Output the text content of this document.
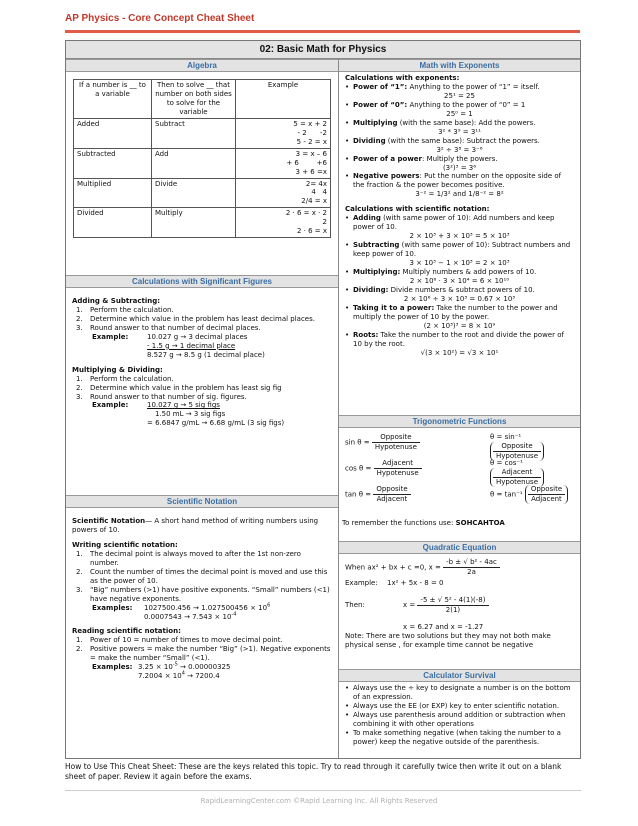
AP Physics - Core Concept Cheat Sheet
02: Basic Math for Physics
Algebra
If a number is __ to a variable	Then to solve __ that number on both sides to solve for the variable	Example
Added	Subtract	5 = x + 2
- 2      -2
5 - 2 = x
Subtracted	Add	3 = x – 6
+ 6        +6
3 + 6 =x
Multiplied	Divide	2= 4x
4   4
2/4 = x
Divided	Multiply	2 · 6 = x · 2
2
2 · 6 = x
Calculations with Significant Figures

Adding & Subtracting:

1.	Perform the calculation.
2.	Determine which value in the problem has least decimal places.
3.	Round answer to that number of decimal places.
Example:	10.027 g → 3 decimal places
- 1.5 g → 1 decimal place
8.527 g → 8.5 g (1 decimal place)

Multiplying & Dividing:

1.	Perform the calculation.
2.	Determine which value in the problem has least sig fig
3.	Round answer to that number of sig. figures.
Example:	10.027 g → 5 sig figs
1.50 mL → 3 sig figs
= 6.6847 g/mL → 6.68 g/mL (3 sig figs)
Scientific Notation

Scientific Notation— A short hand method of writing numbers using powers of 10.

Writing scientific notation:

1.	The decimal point is always moved to after the 1st non-zero number.
2.	Count the number of times the decimal point is moved and use this as the power of 10.
3.	“Big” numbers (>1) have positive exponents. “Small” numbers (<1) have negative exponents.
Examples:	$1027500.456 \to 1.027500456 \times 10^6$
$0.0007543 \to 7.543 \times 10^{-4}$

Reading scientific notation:

1.	Power of 10 = number of times to move decimal point.
2.	Positive powers = make the number “Big” (>1). Negative exponents = make the number “Small” (<1).
Examples: $3.25 \times 10^{-5} \to 0.00000325$
$7.2004 \times 10^4 \to 7200.4$
Math with Exponents

Calculations with exponents:

• Power of “1”: Anything to the power of “1” = itself.
25¹ = 25
• Power of “0”: Anything to the power of “0” = 1
25⁰ = 1
• Multiplying (with the same base): Add the powers.
3² * 3⁹ = 3¹¹
• Dividing (with the same base): Subtract the powers.
3² ÷ 3⁸ = 3⁻⁶
• Power of a power: Multiply the powers.
(3²)³ = 3⁶
• Negative powers: Put the number on the opposite side of the fraction & the power becomes positive.
3⁻² = 1/3² and 1/8⁻² = 8²

Calculations with scientific notation:

• Adding (with same power of 10): Add numbers and keep power of 10.
2 × 10³ + 3 × 10³ = 5 × 10³
• Subtracting (with same power of 10): Subtract numbers and keep power of 10.
3 × 10³ − 1 × 10³ = 2 × 10³
• Multiplying: Multiply numbers & add powers of 10.
2 × 10⁶ · 3 × 10⁴ = 6 × 10¹⁰
• Dividing: Divide numbers & subtract powers of 10.
2 × 10⁶ ÷ 3 × 10³ = 0.67 × 10³
• Taking it to a power: Take the number to the power and multiply the power of 10 by the power.
(2 × 10³)³ = 8 × 10⁹
• Roots: Take the number to the root and divide the power of 10 by the root.
√(3 × 10²) = √3 × 10¹
Trigonometric Functions
$\sin \theta = \frac{\text{Opposite}}{\text{Hypotenuse}}$	θ = sin⁻¹
$\frac{\text{Opposite}}{\text{Hypotenuse}}$
$\cos \theta = \frac{\text{Adjacent}}{\text{Hypotenuse}}$	θ = cos⁻¹
$\frac{\text{Adjacent}}{\text{Hypotenuse}}$
$\tan \theta = \frac{\text{Opposite}}{\text{Adjacent}}$	$\theta = \tan^{-1} \frac{\text{Opposite}}{\text{Adjacent}}$

To remember the functions use: SOHCAHTOA

Quadratic Equation
When ax² + bx + c =0, $x = \frac{\text{-b ± √ b² - 4ac}}{2a}$
Example:	1x² + 5x - 8 = 0
Then:	x =
$\frac{\text{-5 ± √ 5² - 4(1)(-8)}}{2(1)}$
x = 6.27 and x = -1.27

Note: There are two solutions but they may not both make physical sense , for example time cannot be negative

Calculator Survival
• Always use the ÷ key to designate a number is on the bottom of an expression.
• Always use the EE (or EXP) key to enter scientific notation.
• Always use parenthesis around addition or subtraction when combining it with other operations
• To make something negative (when taking the number to a power) keep the negative outside of the parenthesis.
How to Use This Cheat Sheet: These are the keys related this topic. Try to read through it carefully twice then write it out on a blank sheet of paper. Review it again before the exams.
RapidLearningCenter.com ©Rapid Learning Inc. All Rights Reserved
